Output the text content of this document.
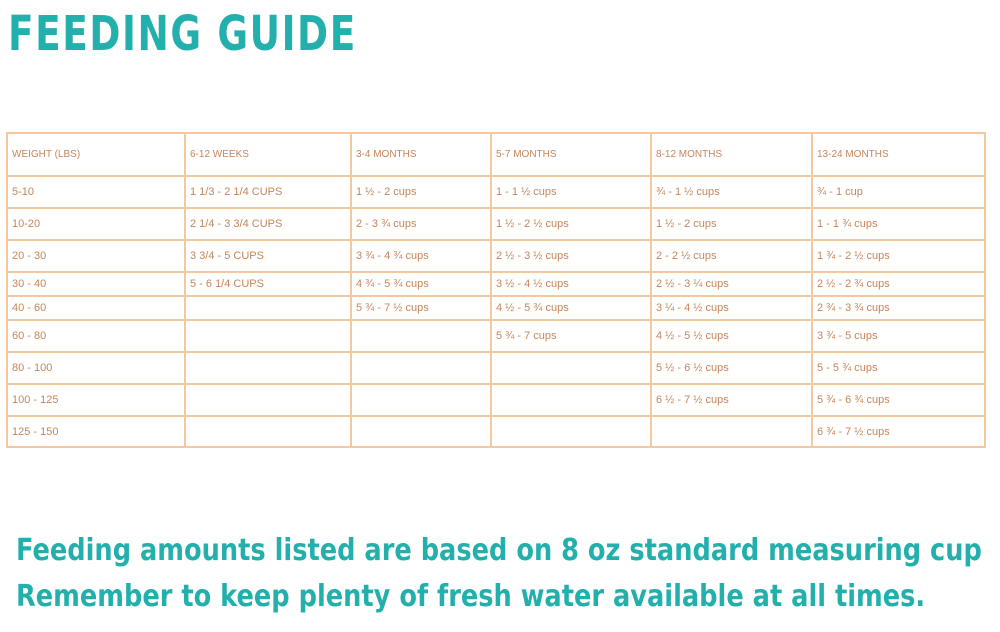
FEEDING GUIDE
WEIGHT (LBS)	6-12 WEEKS	3-4 MONTHS	5-7 MONTHS	8-12 MONTHS	13-24 MONTHS
5-10	1 1/3 - 2 1/4 CUPS	1 ½ - 2 cups	1 - 1 ½ cups	¾ - 1 ½ cups	¾ - 1 cup
10-20	2 1/4 - 3 3/4 CUPS	2 - 3 ¾ cups	1 ½ - 2 ½ cups	1 ½ - 2 cups	1 - 1 ¾ cups
20 - 30	3 3/4 - 5 CUPS	3 ¾ - 4 ¾ cups	2 ½ - 3 ½ cups	2 - 2 ½ cups	1 ¾ - 2 ½ cups
30 - 40	5 - 6 1/4 CUPS	4 ¾ - 5 ¾ cups	3 ½ - 4 ½ cups	2 ½ - 3 ¼ cups	2 ½ - 2 ¾ cups
40 - 60		5 ¾ - 7 ½ cups	4 ½ - 5 ¾ cups	3 ¼ - 4 ½ cups	2 ¾ - 3 ¾ cups
60 - 80			5 ¾ - 7 cups	4 ½ - 5 ½ cups	3 ¾ - 5 cups
80 - 100				5 ½ - 6 ½ cups	5 - 5 ¾ cups
100 - 125				6 ½ - 7 ½ cups	5 ¾ - 6 ¾ cups
125 - 150					6 ¾ - 7 ½ cups
Feeding amounts listed are based on 8 oz standard measuring cup
Remember to keep plenty of fresh water available at all times.
